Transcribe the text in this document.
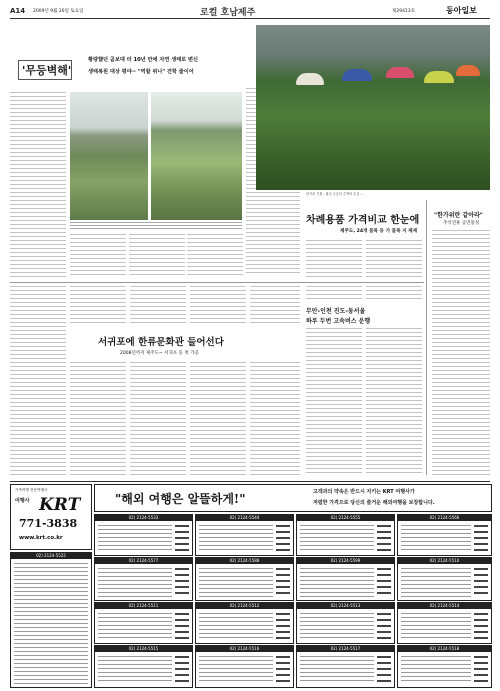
A14 2009년 9월 26일 토요일	로컬 호남제주	제29413호	동아일보
'무등벽해'
황량했던 곰보대 터 10년 만에 자연 생태로 변신
생태복원 대상 평야~ "역할 위나" 견학 줄이어
안거준 기원 - 광주 무등산 수박의 손길 ...
차례용품 가격비교 한눈에
제주도, 24개 품목 등 가 품목 지 제재
"한가위란 같아라"
추석연휴 공연풍성
서귀포에 한류문화관 들어선다
2008년까지 제주도~ 서귀포 등 첫 가공
무안-인천 진도-동서울
하루 두번 고속버스 운행
가족여행 전문여행사
여행사 KRT
771-3838
www.krt.co.kr
"해외 여행은 알뜰하게!"	고객과의 약속은 반드시 지키는 KRT 여행사가
저렴한 가격으로 당신의 즐거운 해외여행을 보장합니다.
02) 2124-5522
02) 2124-5533	02) 2124-5544	02) 2124-5555	02) 2124-5566
02) 2124-5577	02) 2124-5588	02) 2124-5599	02) 2124-5510
02) 2124-5511	02) 2124-5512	02) 2124-5513	02) 2124-5514
02) 2124-5515	02) 2124-5516	02) 2124-5517	02) 2124-5518
